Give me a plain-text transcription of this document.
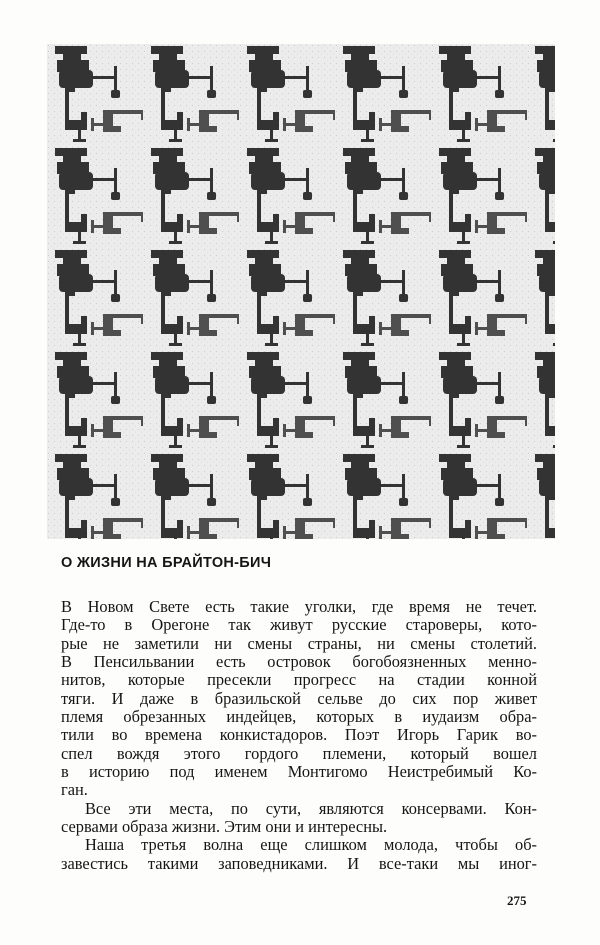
О ЖИЗНИ НА БРАЙТОН-БИЧ

В Новом Свете есть такие уголки, где время не течет.

Где-то в Орегоне так живут русские староверы, кото-

рые не заметили ни смены страны, ни смены столетий.

В Пенсильвании есть островок богобоязненных менно-

нитов, которые пресекли прогресс на стадии конной

тяги. И даже в бразильской сельве до сих пор живет

племя обрезанных индейцев, которых в иудаизм обра-

тили во времена конкистадоров. Поэт Игорь Гарик во-

спел вождя этого гордого племени, который вошел

в историю под именем Монтигомо Неистребимый Ко-

ган.

Все эти места, по сути, являются консервами. Кон-

сервами образа жизни. Этим они и интересны.

Наша третья волна еще слишком молода, чтобы об-

завестись такими заповедниками. И все-таки мы иног-

275
